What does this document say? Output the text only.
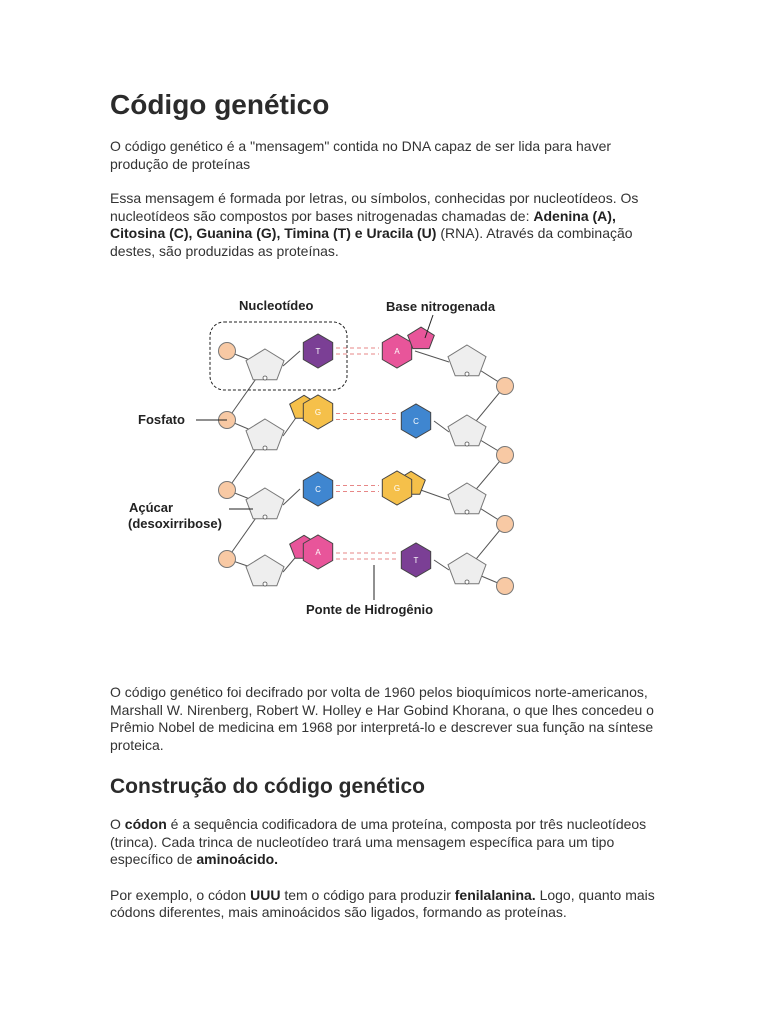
Código genético

O código genético é a "mensagem" contida no DNA capaz de ser lida para haver produção de proteínas

Essa mensagem é formada por letras, ou símbolos, conhecidas por nucleotídeos. Os nucleotídeos são compostos por bases nitrogenadas chamadas de: Adenina (A), Citosina (C), Guanina (G), Timina (T) e Uracila (U) (RNA). Através da combinação destes, são produzidas as proteínas.

T	A
G
C
C	G
A
T
Nucleotídeo	Base nitrogenada
Fosfato
Açúcar
(desoxirribose)
Ponte de Hidrogênio

O código genético foi decifrado por volta de 1960 pelos bioquímicos norte-americanos, Marshall W. Nirenberg, Robert W. Holley e Har Gobind Khorana, o que lhes concedeu o Prêmio Nobel de medicina em 1968 por interpretá-lo e descrever sua função na síntese proteica.

Construção do código genético

O códon é a sequência codificadora de uma proteína, composta por três nucleotídeos (trinca). Cada trinca de nucleotídeo trará uma mensagem específica para um tipo específico de aminoácido.

Por exemplo, o códon UUU tem o código para produzir fenilalanina. Logo, quanto mais códons diferentes, mais aminoácidos são ligados, formando as proteínas.
